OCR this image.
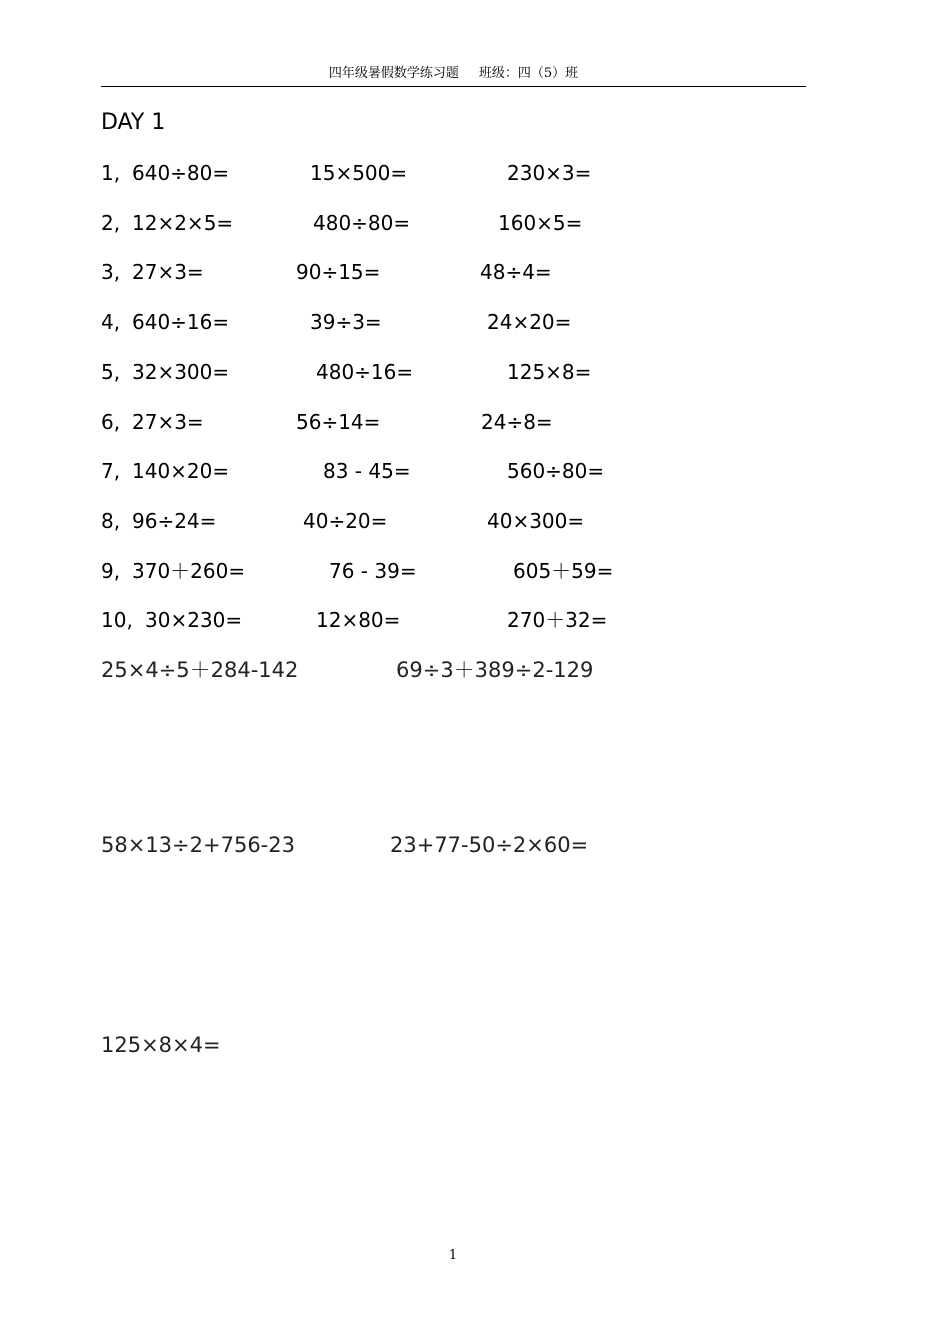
四年级暑假数学练习题 班级：四（5）班
DAY 1
1, 640÷80=	15×500=	230×3=
2, 12×2×5=	480÷80=	160×5=
3, 27×3=	90÷15=	48÷4=
4, 640÷16=	39÷3=	24×20=
5, 32×300=	480÷16=	125×8=
6, 27×3=	56÷14=	24÷8=
7, 140×20=	83 - 45=	560÷80=
8, 96÷24=	40÷20=	40×300=
9, 370＋260=	76 - 39=	605＋59=
10, 30×230=	12×80=	270＋32=
25×4÷5＋284-142	69÷3＋389÷2-129
58×13÷2+756-23	23+77-50÷2×60=
125×8×4=
1
